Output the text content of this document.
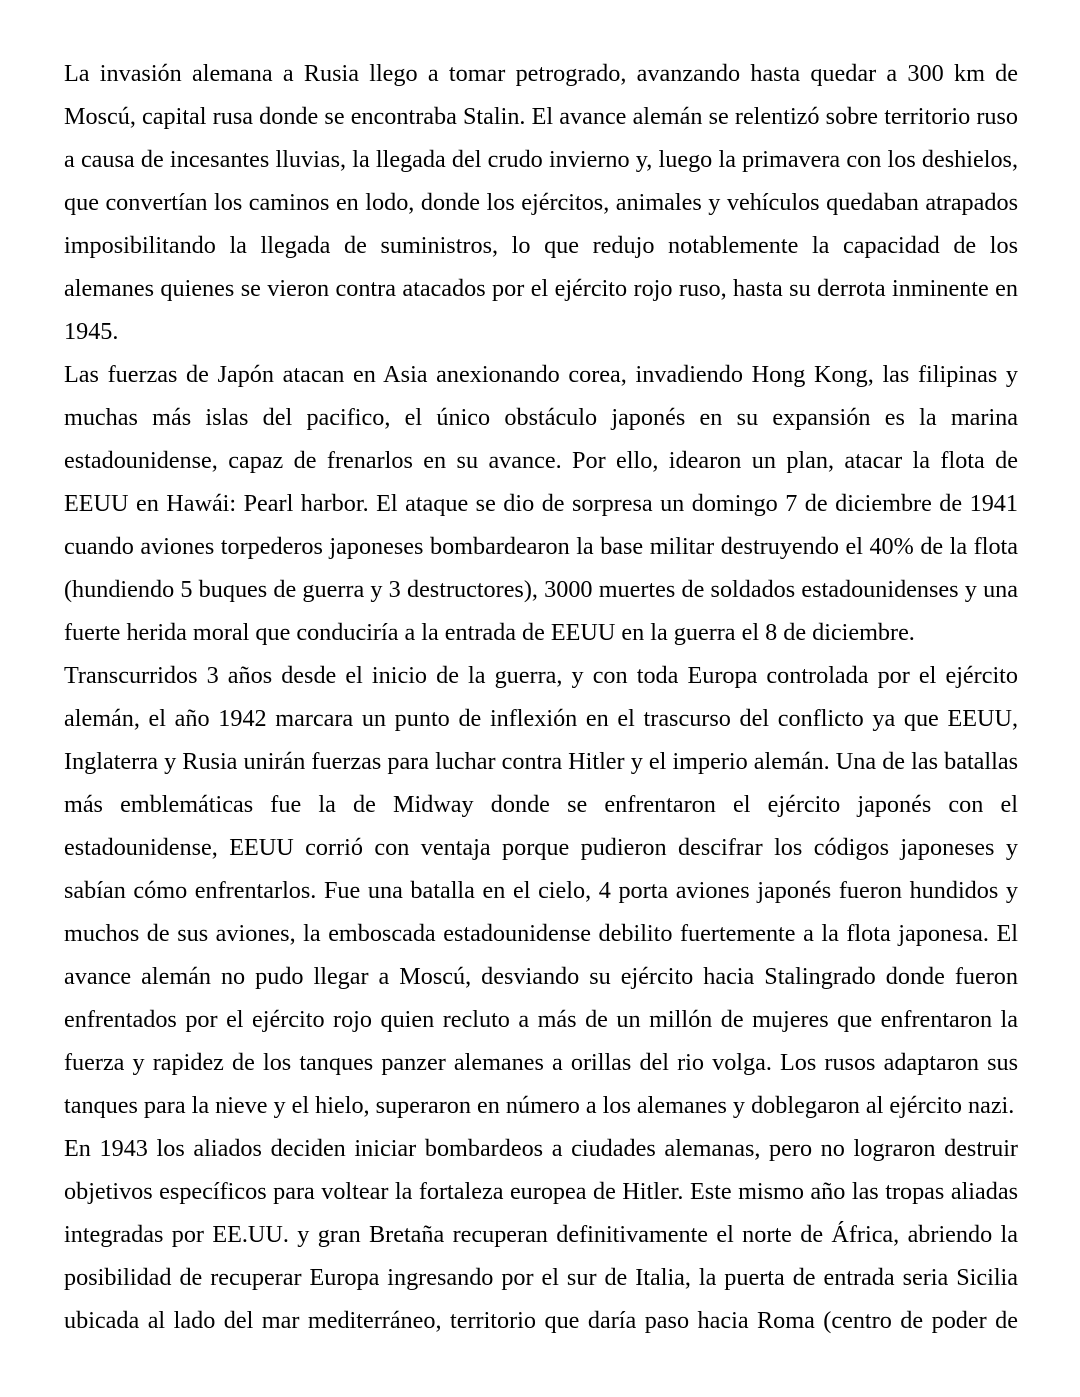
La invasión alemana a Rusia llego a tomar petrogrado, avanzando hasta quedar a 300 km de Moscú, capital rusa donde se encontraba Stalin. El avance alemán se relentizó sobre territorio ruso a causa de incesantes lluvias, la llegada del crudo invierno y, luego la primavera con los deshielos, que convertían los caminos en lodo, donde los ejércitos, animales y vehículos quedaban atrapados imposibilitando la llegada de suministros, lo que redujo notablemente la capacidad de los alemanes quienes se vieron contra atacados por el ejército rojo ruso, hasta su derrota inminente en 1945.

Las fuerzas de Japón atacan en Asia anexionando corea, invadiendo Hong Kong, las filipinas y muchas más islas del pacifico, el único obstáculo japonés en su expansión es la marina estadounidense, capaz de frenarlos en su avance. Por ello, idearon un plan, atacar la flota de EEUU en Hawái: Pearl harbor. El ataque se dio de sorpresa un domingo 7 de diciembre de 1941 cuando aviones torpederos japoneses bombardearon la base militar destruyendo el 40% de la flota (hundiendo 5 buques de guerra y 3 destructores), 3000 muertes de soldados estadounidenses y una fuerte herida moral que conduciría a la entrada de EEUU en la guerra el 8 de diciembre.

Transcurridos 3 años desde el inicio de la guerra, y con toda Europa controlada por el ejército alemán, el año 1942 marcara un punto de inflexión en el trascurso del conflicto ya que EEUU, Inglaterra y Rusia unirán fuerzas para luchar contra Hitler y el imperio alemán. Una de las batallas más emblemáticas fue la de Midway donde se enfrentaron el ejército japonés con el estadounidense, EEUU corrió con ventaja porque pudieron descifrar los códigos japoneses y sabían cómo enfrentarlos. Fue una batalla en el cielo, 4 porta aviones japonés fueron hundidos y muchos de sus aviones, la emboscada estadounidense debilito fuertemente a la flota japonesa. El avance alemán no pudo llegar a Moscú, desviando su ejército hacia Stalingrado donde fueron enfrentados por el ejército rojo quien recluto a más de un millón de mujeres que enfrentaron la fuerza y rapidez de los tanques panzer alemanes a orillas del rio volga. Los rusos adaptaron sus tanques para la nieve y el hielo, superaron en número a los alemanes y doblegaron al ejército nazi.

En 1943 los aliados deciden iniciar bombardeos a ciudades alemanas, pero no lograron destruir objetivos específicos para voltear la fortaleza europea de Hitler. Este mismo año las tropas aliadas integradas por EE.UU. y gran Bretaña recuperan definitivamente el norte de África, abriendo la posibilidad de recuperar Europa ingresando por el sur de Italia, la puerta de entrada seria Sicilia ubicada al lado del mar mediterráneo, territorio que daría paso hacia Roma (centro de poder de
